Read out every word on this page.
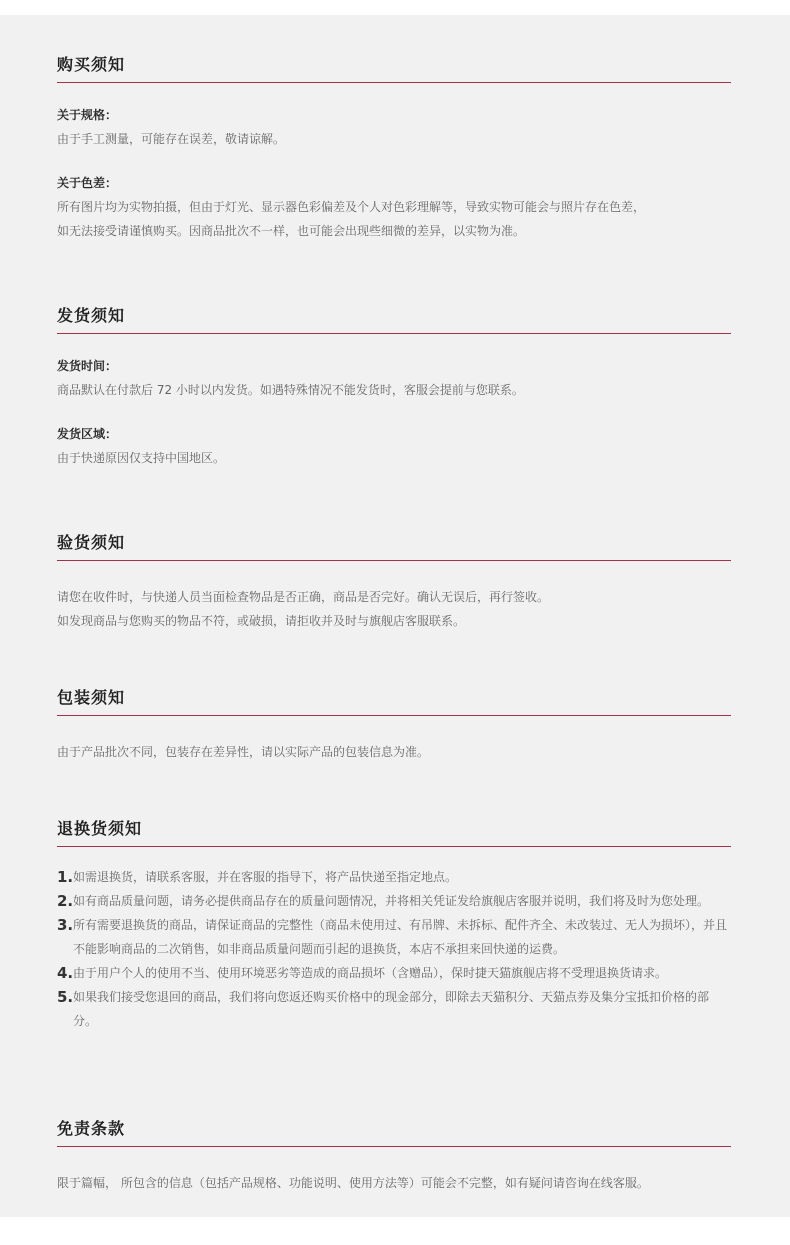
购买须知
关于规格：
由于手工测量，可能存在误差，敬请谅解。
关于色差：
所有图片均为实物拍摄，但由于灯光、显示器色彩偏差及个人对色彩理解等，导致实物可能会与照片存在色差，
如无法接受请谨慎购买。因商品批次不一样，也可能会出现些细微的差异，以实物为准。
发货须知
发货时间：
商品默认在付款后 72 小时以内发货。如遇特殊情况不能发货时，客服会提前与您联系。
发货区域：
由于快递原因仅支持中国地区。
验货须知
请您在收件时，与快递人员当面检查物品是否正确，商品是否完好。确认无误后，再行签收。
如发现商品与您购买的物品不符，或破损，请拒收并及时与旗舰店客服联系。
包装须知
由于产品批次不同，包装存在差异性，请以实际产品的包装信息为准。
退换货须知
1. 如需退换货，请联系客服，并在客服的指导下，将产品快递至指定地点。
2. 如有商品质量问题，请务必提供商品存在的质量问题情况，并将相关凭证发给旗舰店客服并说明，我们将及时为您处理。
3. 所有需要退换货的商品，请保证商品的完整性（商品未使用过、有吊牌、未拆标、配件齐全、未改装过、无人为损坏），并且不能影响商品的二次销售，如非商品质量问题而引起的退换货，本店不承担来回快递的运费。
4. 由于用户个人的使用不当、使用环境恶劣等造成的商品损坏（含赠品），保时捷天猫旗舰店将不受理退换货请求。
5. 如果我们接受您退回的商品，我们将向您返还购买价格中的现金部分，即除去天猫积分、天猫点券及集分宝抵扣价格的部分。
免责条款
限于篇幅， 所包含的信息（包括产品规格、功能说明、使用方法等）可能会不完整，如有疑问请咨询在线客服。
